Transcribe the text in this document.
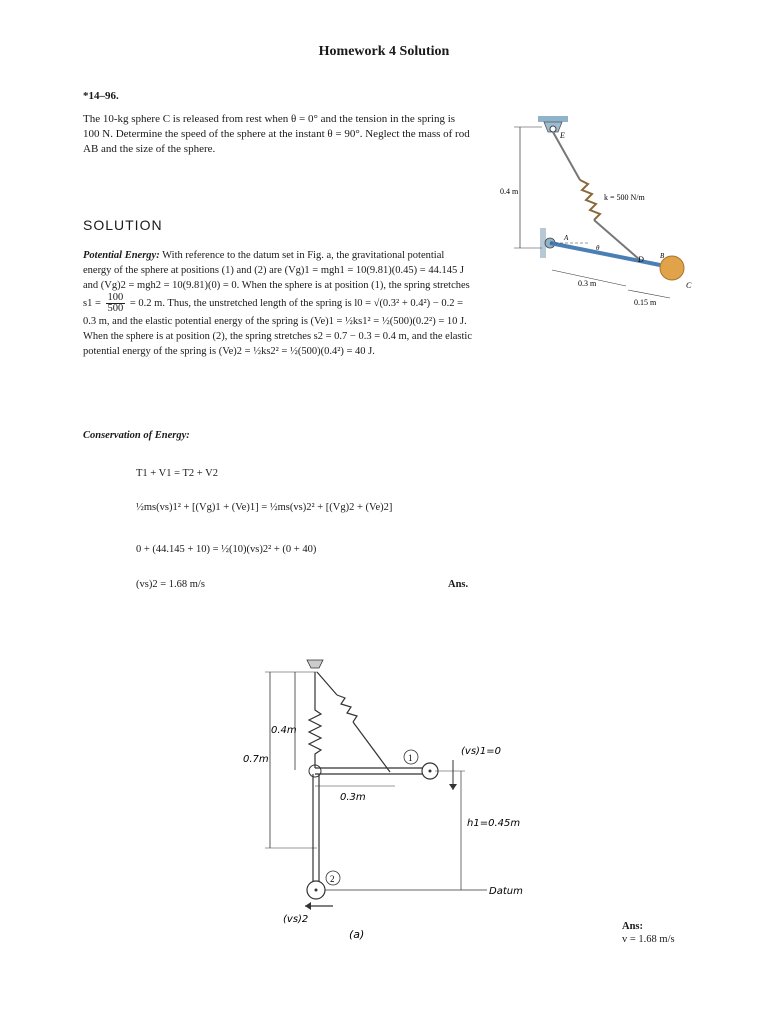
Homework 4 Solution
*14–96.
The 10-kg sphere C is released from rest when θ = 0° and the tension in the spring is 100 N. Determine the speed of the sphere at the instant θ = 90°. Neglect the mass of rod AB and the size of the sphere.
0.4 m
0.3 m
0.15 m
k = 500 N/m
E
A
θ
D B
C
SOLUTION
Potential Energy: With reference to the datum set in Fig. a, the gravitational potential energy of the sphere at positions (1) and (2) are (Vg)1 = mgh1 = 10(9.81)(0.45) = 44.145 J and (Vg)2 = mgh2 = 10(9.81)(0) = 0. When the sphere is at position (1), the spring stretches $s1 = \frac{100}{500} = 0.2$ m. Thus, the unstretched length of the spring is l0 = √(0.3² + 0.4²) − 0.2 = 0.3 m, and the elastic potential energy of the spring is (Ve)1 = ½ks1² = ½(500)(0.2²) = 10 J. When the sphere is at position (2), the spring stretches s2 = 0.7 − 0.3 = 0.4 m, and the elastic potential energy of the spring is (Ve)2 = ½ks2² = ½(500)(0.4²) = 40 J.
Conservation of Energy:
T1 + V1 = T2 + V2
½ms(vs)1² + [(Vg)1 + (Ve)1] = ½ms(vs)2² + [(Vg)2 + (Ve)2]
0 + (44.145 + 10) = ½(10)(vs)2² + (0 + 40)
(vs)2 = 1.68 m/s	Ans.
0.4m
0.7m
0.3m
1
2
(vs)1=0
(vs)2
h1=0.45m
Datum
(a)
Ans:
v = 1.68 m/s
